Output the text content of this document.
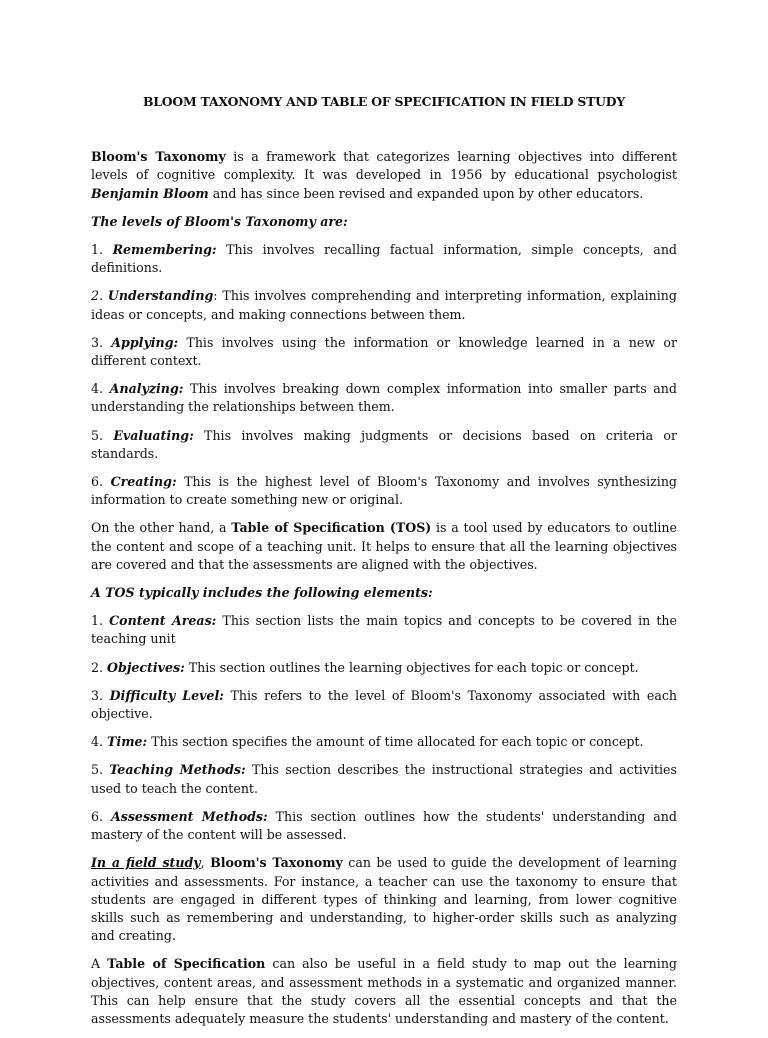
BLOOM TAXONOMY AND TABLE OF SPECIFICATION IN FIELD STUDY

Bloom's Taxonomy is a framework that categorizes learning objectives into different levels of cognitive complexity. It was developed in 1956 by educational psychologist Benjamin Bloom and has since been revised and expanded upon by other educators.

The levels of Bloom's Taxonomy are:

1. Remembering: This involves recalling factual information, simple concepts, and definitions.

2. Understanding: This involves comprehending and interpreting information, explaining ideas or concepts, and making connections between them.

3. Applying: This involves using the information or knowledge learned in a new or different context.

4. Analyzing: This involves breaking down complex information into smaller parts and understanding the relationships between them.

5. Evaluating: This involves making judgments or decisions based on criteria or standards.

6. Creating: This is the highest level of Bloom's Taxonomy and involves synthesizing information to create something new or original.

On the other hand, a Table of Specification (TOS) is a tool used by educators to outline the content and scope of a teaching unit. It helps to ensure that all the learning objectives are covered and that the assessments are aligned with the objectives.

A TOS typically includes the following elements:

1. Content Areas: This section lists the main topics and concepts to be covered in the teaching unit

2. Objectives: This section outlines the learning objectives for each topic or concept.

3. Difficulty Level: This refers to the level of Bloom's Taxonomy associated with each objective.

4. Time: This section specifies the amount of time allocated for each topic or concept.

5. Teaching Methods: This section describes the instructional strategies and activities used to teach the content.

6. Assessment Methods: This section outlines how the students' understanding and mastery of the content will be assessed.

In a field study, Bloom's Taxonomy can be used to guide the development of learning activities and assessments. For instance, a teacher can use the taxonomy to ensure that students are engaged in different types of thinking and learning, from lower cognitive skills such as remembering and understanding, to higher-order skills such as analyzing and creating.

A Table of Specification can also be useful in a field study to map out the learning objectives, content areas, and assessment methods in a systematic and organized manner. This can help ensure that the study covers all the essential concepts and that the assessments adequately measure the students' understanding and mastery of the content.
